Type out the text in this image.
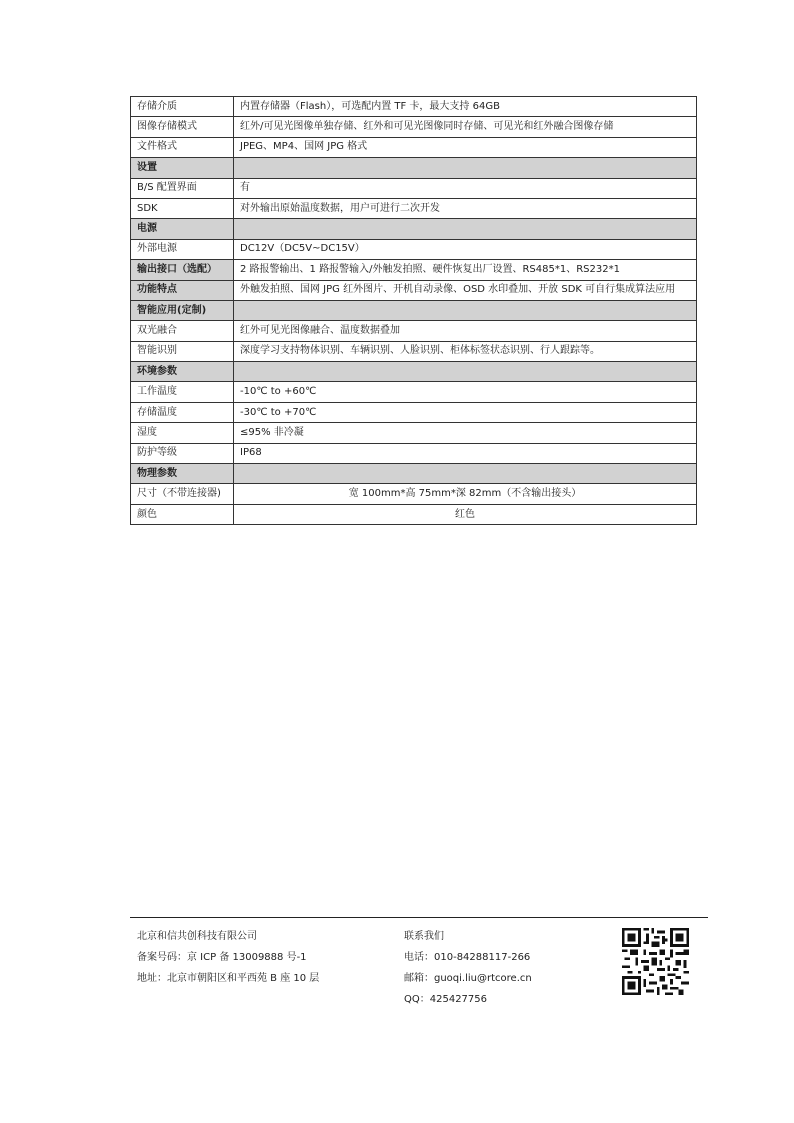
存储介质	内置存储器（Flash），可选配内置 TF 卡，最大支持 64GB
图像存储模式	红外/可见光图像单独存储、红外和可见光图像同时存储、可见光和红外融合图像存储
文件格式	JPEG、MP4、国网 JPG 格式
设置	
B/S 配置界面	有
SDK	对外输出原始温度数据，用户可进行二次开发
电源	
外部电源	DC12V（DC5V~DC15V）
输出接口（选配）	2 路报警输出、1 路报警输入/外触发拍照、硬件恢复出厂设置、RS485*1、RS232*1
功能特点	外触发拍照、国网 JPG 红外图片、开机自动录像、OSD 水印叠加、开放 SDK 可自行集成算法应用
智能应用(定制)	
双光融合	红外可见光图像融合、温度数据叠加
智能识别	深度学习支持物体识别、车辆识别、人脸识别、柜体标签状态识别、行人跟踪等。
环境参数	
工作温度	-10℃ to +60℃
存储温度	-30℃ to +70℃
湿度	≤95% 非冷凝
防护等级	IP68
物理参数	
尺寸（不带连接器)	宽 100mm*高 75mm*深 82mm（不含输出接头）
颜色	红色
北京和信共创科技有限公司
备案号码：京 ICP 备 13009888 号-1
地址：北京市朝阳区和平西苑 B 座 10 层
联系我们
电话：010-84288117-266
邮箱：guoqi.liu@rtcore.cn
QQ：425427756
